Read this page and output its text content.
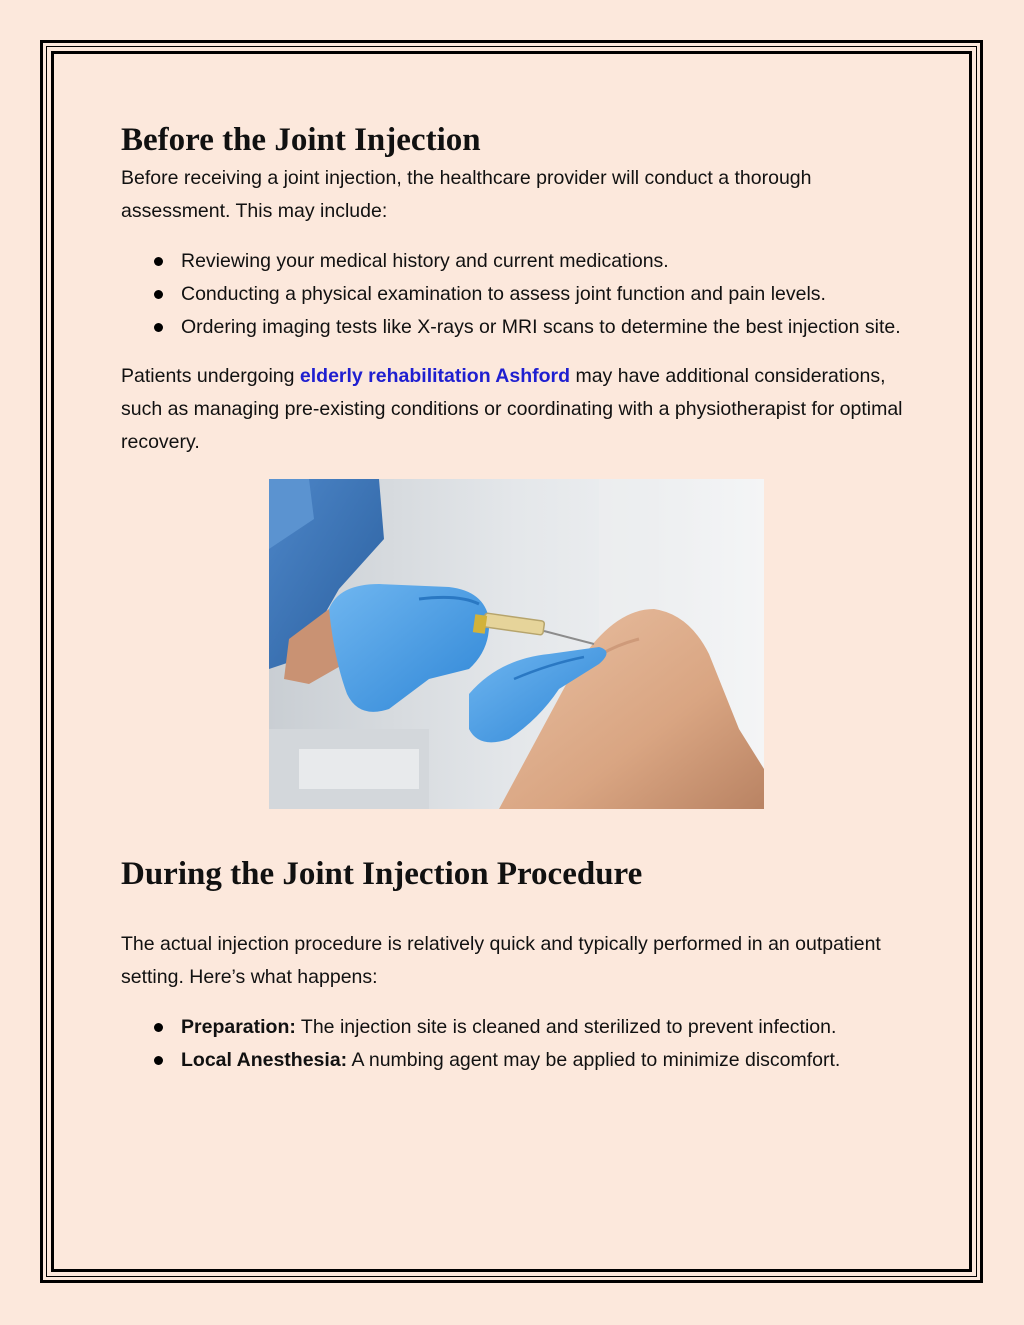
Before the Joint Injection

Before receiving a joint injection, the healthcare provider will conduct a thorough assessment. This may include:

Reviewing your medical history and current medications.
Conducting a physical examination to assess joint function and pain levels.
Ordering imaging tests like X-rays or MRI scans to determine the best injection site.

Patients undergoing elderly rehabilitation Ashford may have additional considerations, such as managing pre-existing conditions or coordinating with a physiotherapist for optimal recovery.

During the Joint Injection Procedure

The actual injection procedure is relatively quick and typically performed in an outpatient setting. Here’s what happens:

Preparation: The injection site is cleaned and sterilized to prevent infection.
Local Anesthesia: A numbing agent may be applied to minimize discomfort.
